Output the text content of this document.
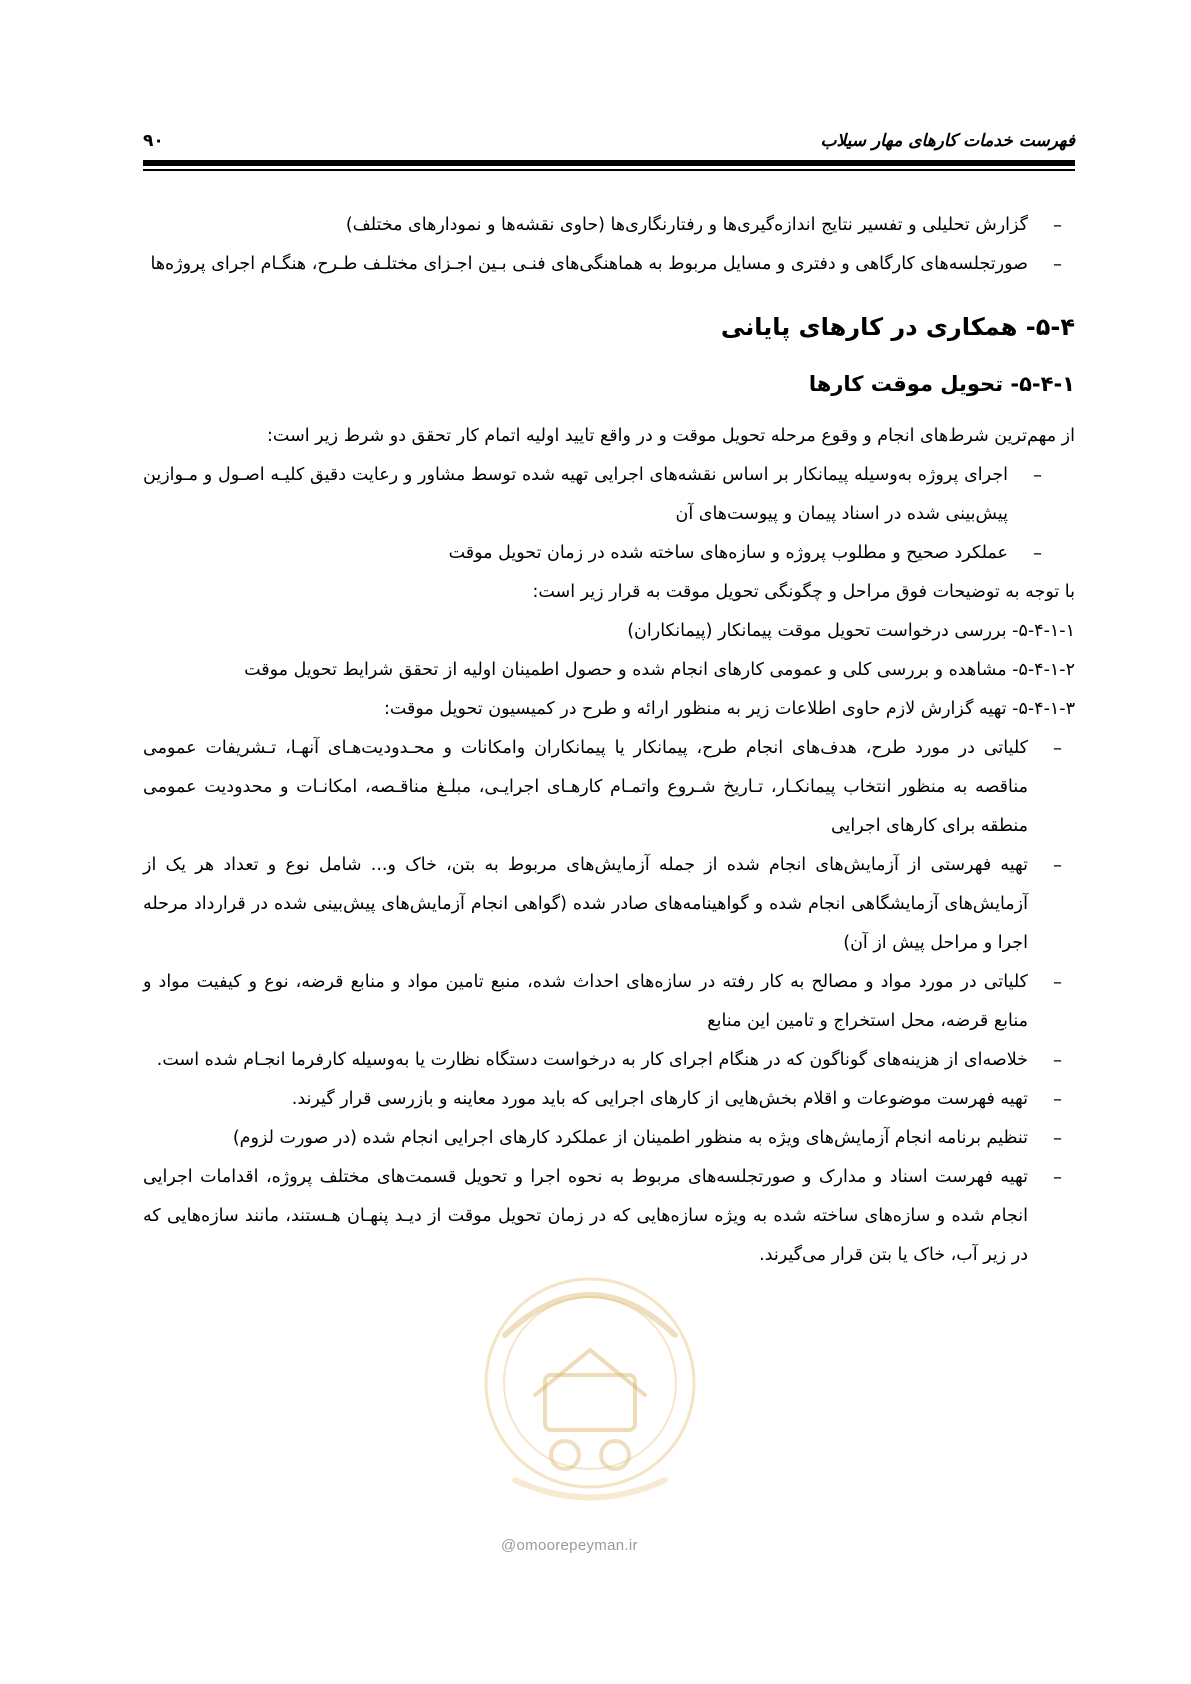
فهرست خدمات کارهای مهار سیلاب
۹۰
–
گزارش تحلیلی و تفسیر نتایج اندازه‌گیری‌ها و رفتارنگاری‌ها (حاوی نقشه‌ها و نمودارهای مختلف)
–
صورتجلسه‌های کارگاهی و دفتری و مسایل مربوط به هماهنگی‌های فنـی بـین اجـزای مختلـف طـرح، هنگـام اجرای پروژه‌ها
۵-۴- همکاری در کارهای پایانی
۵-۴-۱- تحویل موقت کارها

از مهم‌ترین شرط‌های انجام و وقوع مرحله تحویل موقت و در واقع تایید اولیه اتمام کار تحقق دو شرط زیر است:

–
اجرای پروژه به‌وسیله پیمانکار بر اساس نقشه‌های اجرایی تهیه شده توسط مشاور و رعایت دقیق کلیـه اصـول و مـوازین پیش‌بینی شده در اسناد پیمان و پیوست‌های آن
–
عملکرد صحیح و مطلوب پروژه و سازه‌های ساخته شده در زمان تحویل موقت

با توجه به توضیحات فوق مراحل و چگونگی تحویل موقت به قرار زیر است:

۵-۴-۱-۱- بررسی درخواست تحویل موقت پیمانکار (پیمانکاران)

۵-۴-۱-۲- مشاهده و بررسی کلی و عمومی کارهای انجام شده و حصول اطمینان اولیه از تحقق شرایط تحویل موقت

۵-۴-۱-۳- تهیه گزارش لازم حاوی اطلاعات زیر به منظور ارائه و طرح در کمیسیون تحویل موقت:

–
کلیاتی در مورد طرح، هدف‌های انجام طرح، پیمانکار یا پیمانکاران وامکانات و محـدودیت‌هـای آنهـا، تـشریفات عمومی مناقصه به منظور انتخاب پیمانکـار، تـاریخ شـروع واتمـام کارهـای اجرایـی، مبلـغ مناقـصه، امکانـات و محدودیت عمومی منطقه برای کارهای اجرایی
–
تهیه فهرستی از آزمایش‌های انجام شده از جمله آزمایش‌های مربوط به بتن، خاک و... شامل نوع و تعداد هر یک از آزمایش‌های آزمایشگاهی انجام شده و گواهینامه‌های صادر شده (گواهی انجام آزمایش‌های پیش‌بینی شده در قرارداد مرحله اجرا و مراحل پیش از آن)
–
کلیاتی در مورد مواد و مصالح به کار رفته در سازه‌های احداث شده، منبع تامین مواد و منابع قرضه، نوع و کیفیت مواد و منابع قرضه، محل استخراج و تامین این منابع
–
خلاصه‌ای از هزینه‌های گوناگون که در هنگام اجرای کار به درخواست دستگاه نظارت یا به‌وسیله کارفرما انجـام شده است.
–
تهیه فهرست موضوعات و اقلام بخش‌هایی از کارهای اجرایی که باید مورد معاینه و بازرسی قرار گیرند.
–
تنظیم برنامه انجام آزمایش‌های ویژه به منظور اطمینان از عملکرد کارهای اجرایی انجام شده (در صورت لزوم)
–
تهیه فهرست اسناد و مدارک و صورتجلسه‌های مربوط به نحوه اجرا و تحویل قسمت‌های مختلف پروژه، اقدامات اجرایی انجام شده و سازه‌های ساخته شده به ویژه سازه‌هایی که در زمان تحویل موقت از دیـد پنهـان هـستند، مانند سازه‌هایی که در زیر آب، خاک یا بتن قرار می‌گیرند.
@omoorepeyman.ir
